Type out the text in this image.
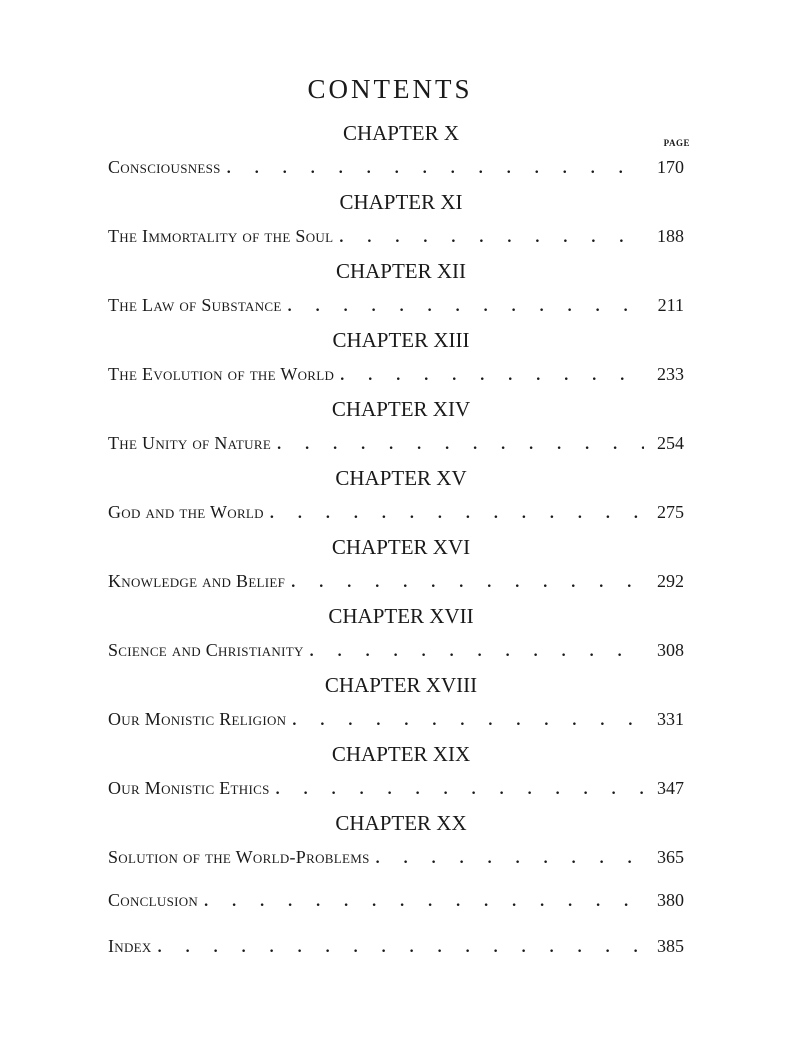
CONTENTS
PAGE
CHAPTER X
Consciousness . . .	170
CHAPTER XI
The Immortality of the Soul . . .	188
CHAPTER XII
The Law of Substance . . .	211
CHAPTER XIII
The Evolution of the World . . .	233
CHAPTER XIV
The Unity of Nature . . .	254
CHAPTER XV
God and the World . . .	275
CHAPTER XVI
Knowledge and Belief . . .	292
CHAPTER XVII
Science and Christianity . . .	308
CHAPTER XVIII
Our Monistic Religion . . .	331
CHAPTER XIX
Our Monistic Ethics . . .	347
CHAPTER XX
Solution of the World-Problems . . .	365
Conclusion . . .	380
Index . . .	385
